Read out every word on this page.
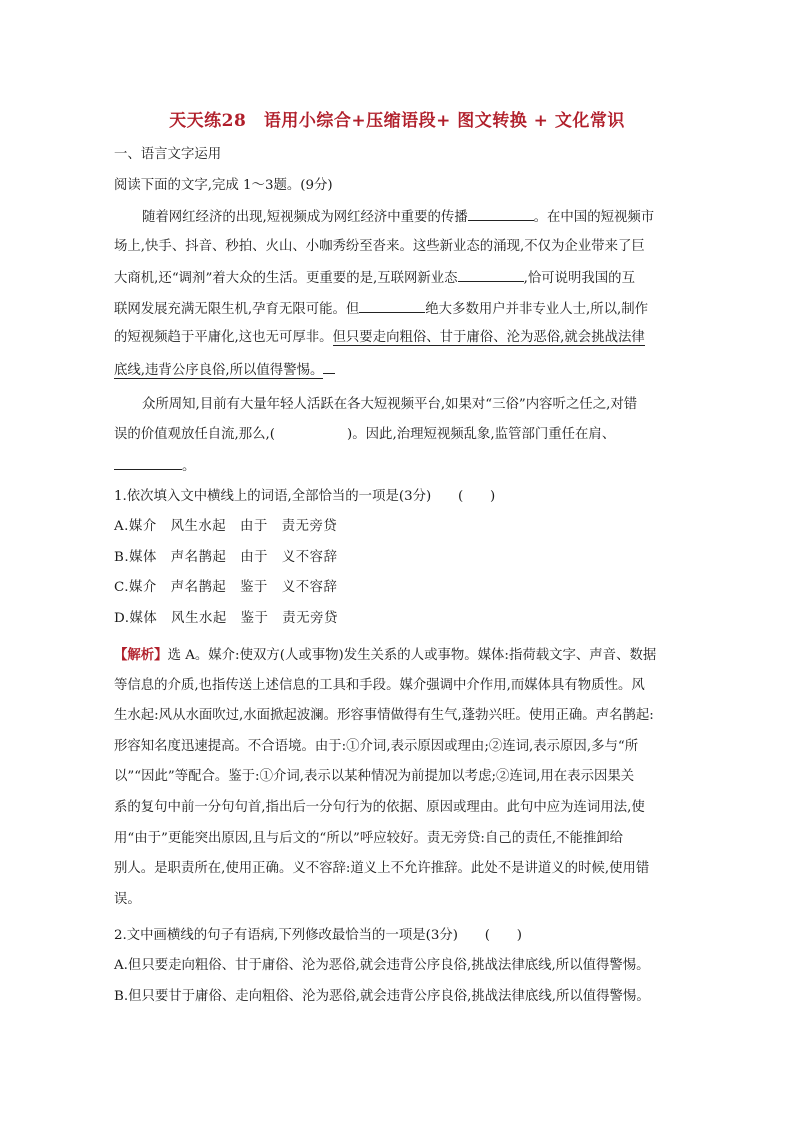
天天练28　语用小综合+压缩语段+ 图文转换 + 文化常识
一、语言文字运用
阅读下面的文字,完成 1～3题。(9分)
随着网红经济的出现,短视频成为网红经济中重要的传播	。在中国的短视频市
场上,快手、抖音、秒拍、火山、小咖秀纷至沓来。这些新业态的涌现,不仅为企业带来了巨
大商机,还“调剂”着大众的生活。更重要的是,互联网新业态	,恰可说明我国的互
联网发展充满无限生机,孕育无限可能。但	绝大多数用户并非专业人士,所以,制作
的短视频趋于平庸化,这也无可厚非。但只要走向粗俗、甘于庸俗、沦为恶俗,就会挑战法律
底线,违背公序良俗,所以值得警惕。
众所周知,目前有大量年轻人活跃在各大短视频平台,如果对“三俗”内容听之任之,对错
误的价值观放任自流,那么,(	)。因此,治理短视频乱象,监管部门重任在肩、
。
1.依次填入文中横线上的词语,全部恰当的一项是(3分)　　(　　)
A.媒介　风生水起　由于　责无旁贷
B.媒体　声名鹊起　由于　义不容辞
C.媒介　声名鹊起　鉴于　义不容辞
D.媒体　风生水起　鉴于　责无旁贷
【解析】选 A。媒介:使双方(人或事物)发生关系的人或事物。媒体:指荷载文字、声音、数据
等信息的介质,也指传送上述信息的工具和手段。媒介强调中介作用,而媒体具有物质性。风
生水起:风从水面吹过,水面掀起波澜。形容事情做得有生气,蓬勃兴旺。使用正确。声名鹊起:
形容知名度迅速提高。不合语境。由于:①介词,表示原因或理由;②连词,表示原因,多与“所
以”“因此”等配合。鉴于:①介词,表示以某种情况为前提加以考虑;②连词,用在表示因果关
系的复句中前一分句句首,指出后一分句行为的依据、原因或理由。此句中应为连词用法,使
用“由于”更能突出原因,且与后文的“所以”呼应较好。责无旁贷:自己的责任,不能推卸给
别人。是职责所在,使用正确。义不容辞:道义上不允许推辞。此处不是讲道义的时候,使用错
误。
2.文中画横线的句子有语病,下列修改最恰当的一项是(3分)　　(　　)
A.但只要走向粗俗、甘于庸俗、沦为恶俗,就会违背公序良俗,挑战法律底线,所以值得警惕。
B.但只要甘于庸俗、走向粗俗、沦为恶俗,就会违背公序良俗,挑战法律底线,所以值得警惕。
